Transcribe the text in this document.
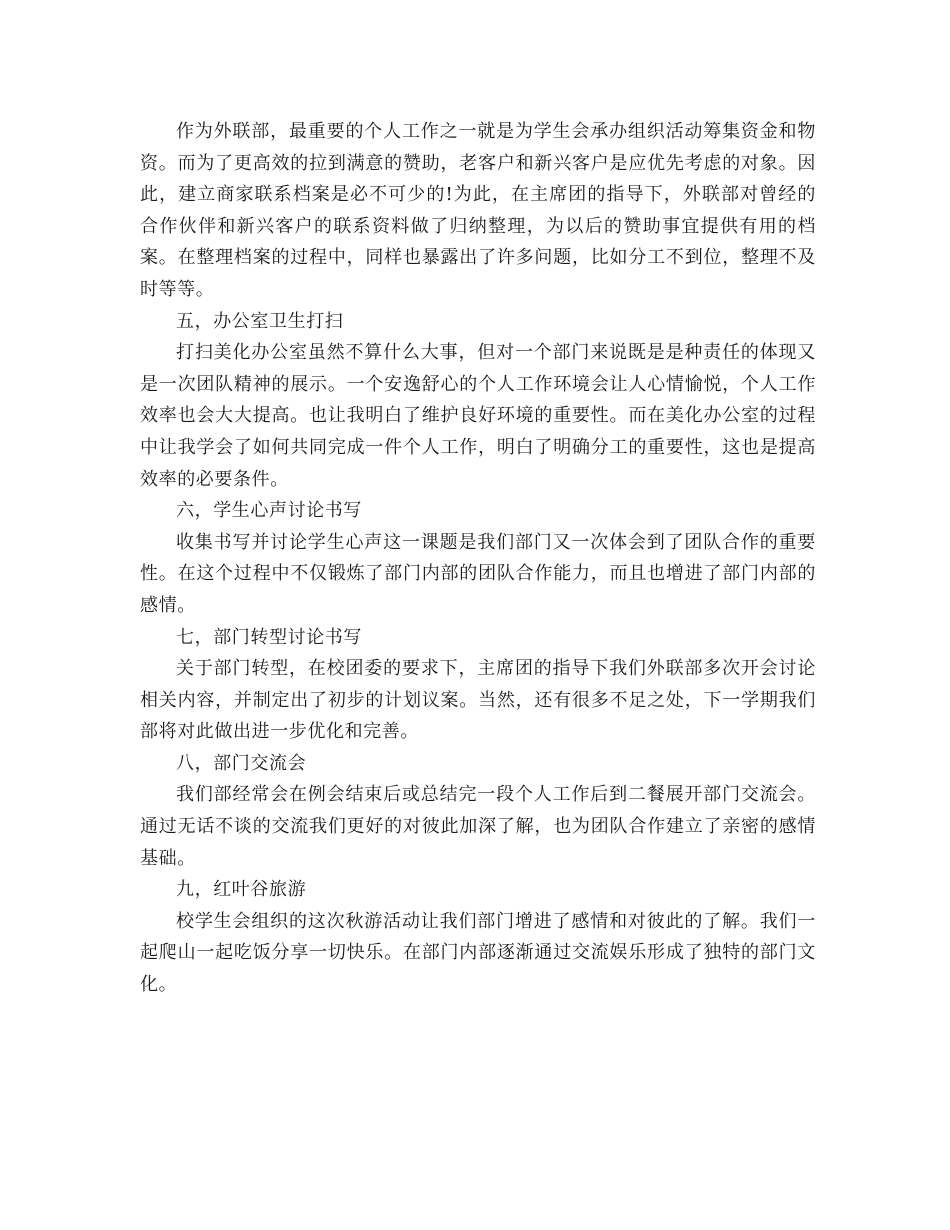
作为外联部，最重要的个人工作之一就是为学生会承办组织活动筹集资金和物资。而为了更高效的拉到满意的赞助，老客户和新兴客户是应优先考虑的对象。因此，建立商家联系档案是必不可少的!为此，在主席团的指导下，外联部对曾经的合作伙伴和新兴客户的联系资料做了归纳整理，为以后的赞助事宜提供有用的档案。在整理档案的过程中，同样也暴露出了许多问题，比如分工不到位，整理不及时等等。

五，办公室卫生打扫

打扫美化办公室虽然不算什么大事，但对一个部门来说既是是种责任的体现又是一次团队精神的展示。一个安逸舒心的个人工作环境会让人心情愉悦，个人工作效率也会大大提高。也让我明白了维护良好环境的重要性。而在美化办公室的过程中让我学会了如何共同完成一件个人工作，明白了明确分工的重要性，这也是提高效率的必要条件。

六，学生心声讨论书写

收集书写并讨论学生心声这一课题是我们部门又一次体会到了团队合作的重要性。在这个过程中不仅锻炼了部门内部的团队合作能力，而且也增进了部门内部的感情。

七，部门转型讨论书写

关于部门转型，在校团委的要求下，主席团的指导下我们外联部多次开会讨论相关内容，并制定出了初步的计划议案。当然，还有很多不足之处，下一学期我们部将对此做出进一步优化和完善。

八，部门交流会

我们部经常会在例会结束后或总结完一段个人工作后到二餐展开部门交流会。通过无话不谈的交流我们更好的对彼此加深了解，也为团队合作建立了亲密的感情基础。

九，红叶谷旅游

校学生会组织的这次秋游活动让我们部门增进了感情和对彼此的了解。我们一起爬山一起吃饭分享一切快乐。在部门内部逐渐通过交流娱乐形成了独特的部门文化。
